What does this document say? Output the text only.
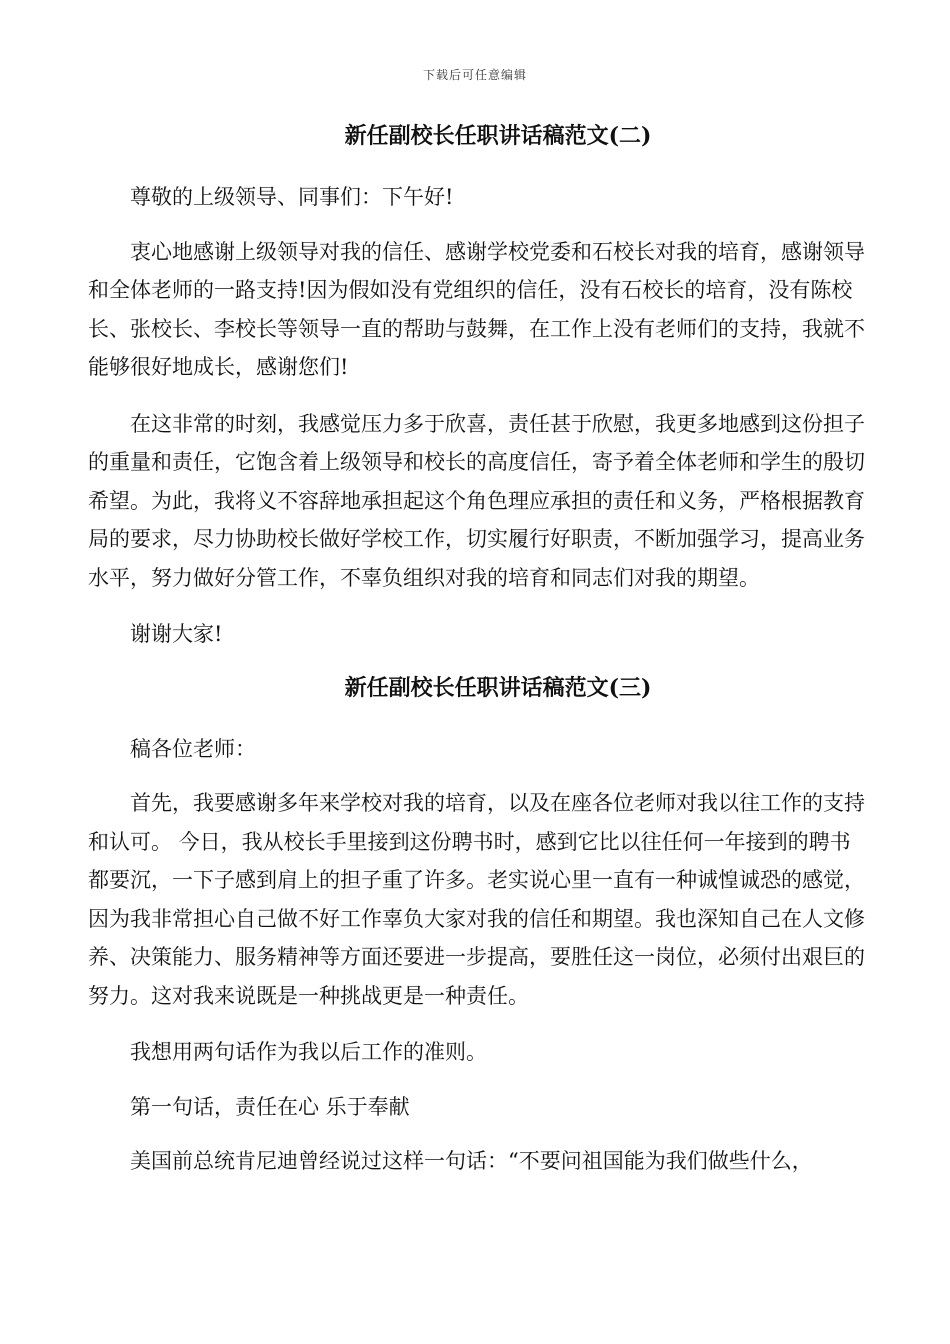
下载后可任意编辑
新任副校长任职讲话稿范文(二)

尊敬的上级领导、同事们：下午好!

衷心地感谢上级领导对我的信任、感谢学校党委和石校长对我的培育，感谢领导和全体老师的一路支持!因为假如没有党组织的信任，没有石校长的培育，没有陈校长、张校长、李校长等领导一直的帮助与鼓舞，在工作上没有老师们的支持，我就不能够很好地成长，感谢您们!

在这非常的时刻，我感觉压力多于欣喜，责任甚于欣慰，我更多地感到这份担子的重量和责任，它饱含着上级领导和校长的高度信任，寄予着全体老师和学生的殷切希望。为此，我将义不容辞地承担起这个角色理应承担的责任和义务，严格根据教育局的要求，尽力协助校长做好学校工作，切实履行好职责，不断加强学习，提高业务水平，努力做好分管工作，不辜负组织对我的培育和同志们对我的期望。

谢谢大家!

新任副校长任职讲话稿范文(三)

稿各位老师：

首先，我要感谢多年来学校对我的培育，以及在座各位老师对我以往工作的支持和认可。 今日，我从校长手里接到这份聘书时，感到它比以往任何一年接到的聘书都要沉，一下子感到肩上的担子重了许多。老实说心里一直有一种诚惶诚恐的感觉，因为我非常担心自己做不好工作辜负大家对我的信任和期望。我也深知自己在人文修养、决策能力、服务精神等方面还要进一步提高，要胜任这一岗位，必须付出艰巨的努力。这对我来说既是一种挑战更是一种责任。

我想用两句话作为我以后工作的准则。

第一句话，责任在心 乐于奉献

美国前总统肯尼迪曾经说过这样一句话：“不要问祖国能为我们做些什么，
